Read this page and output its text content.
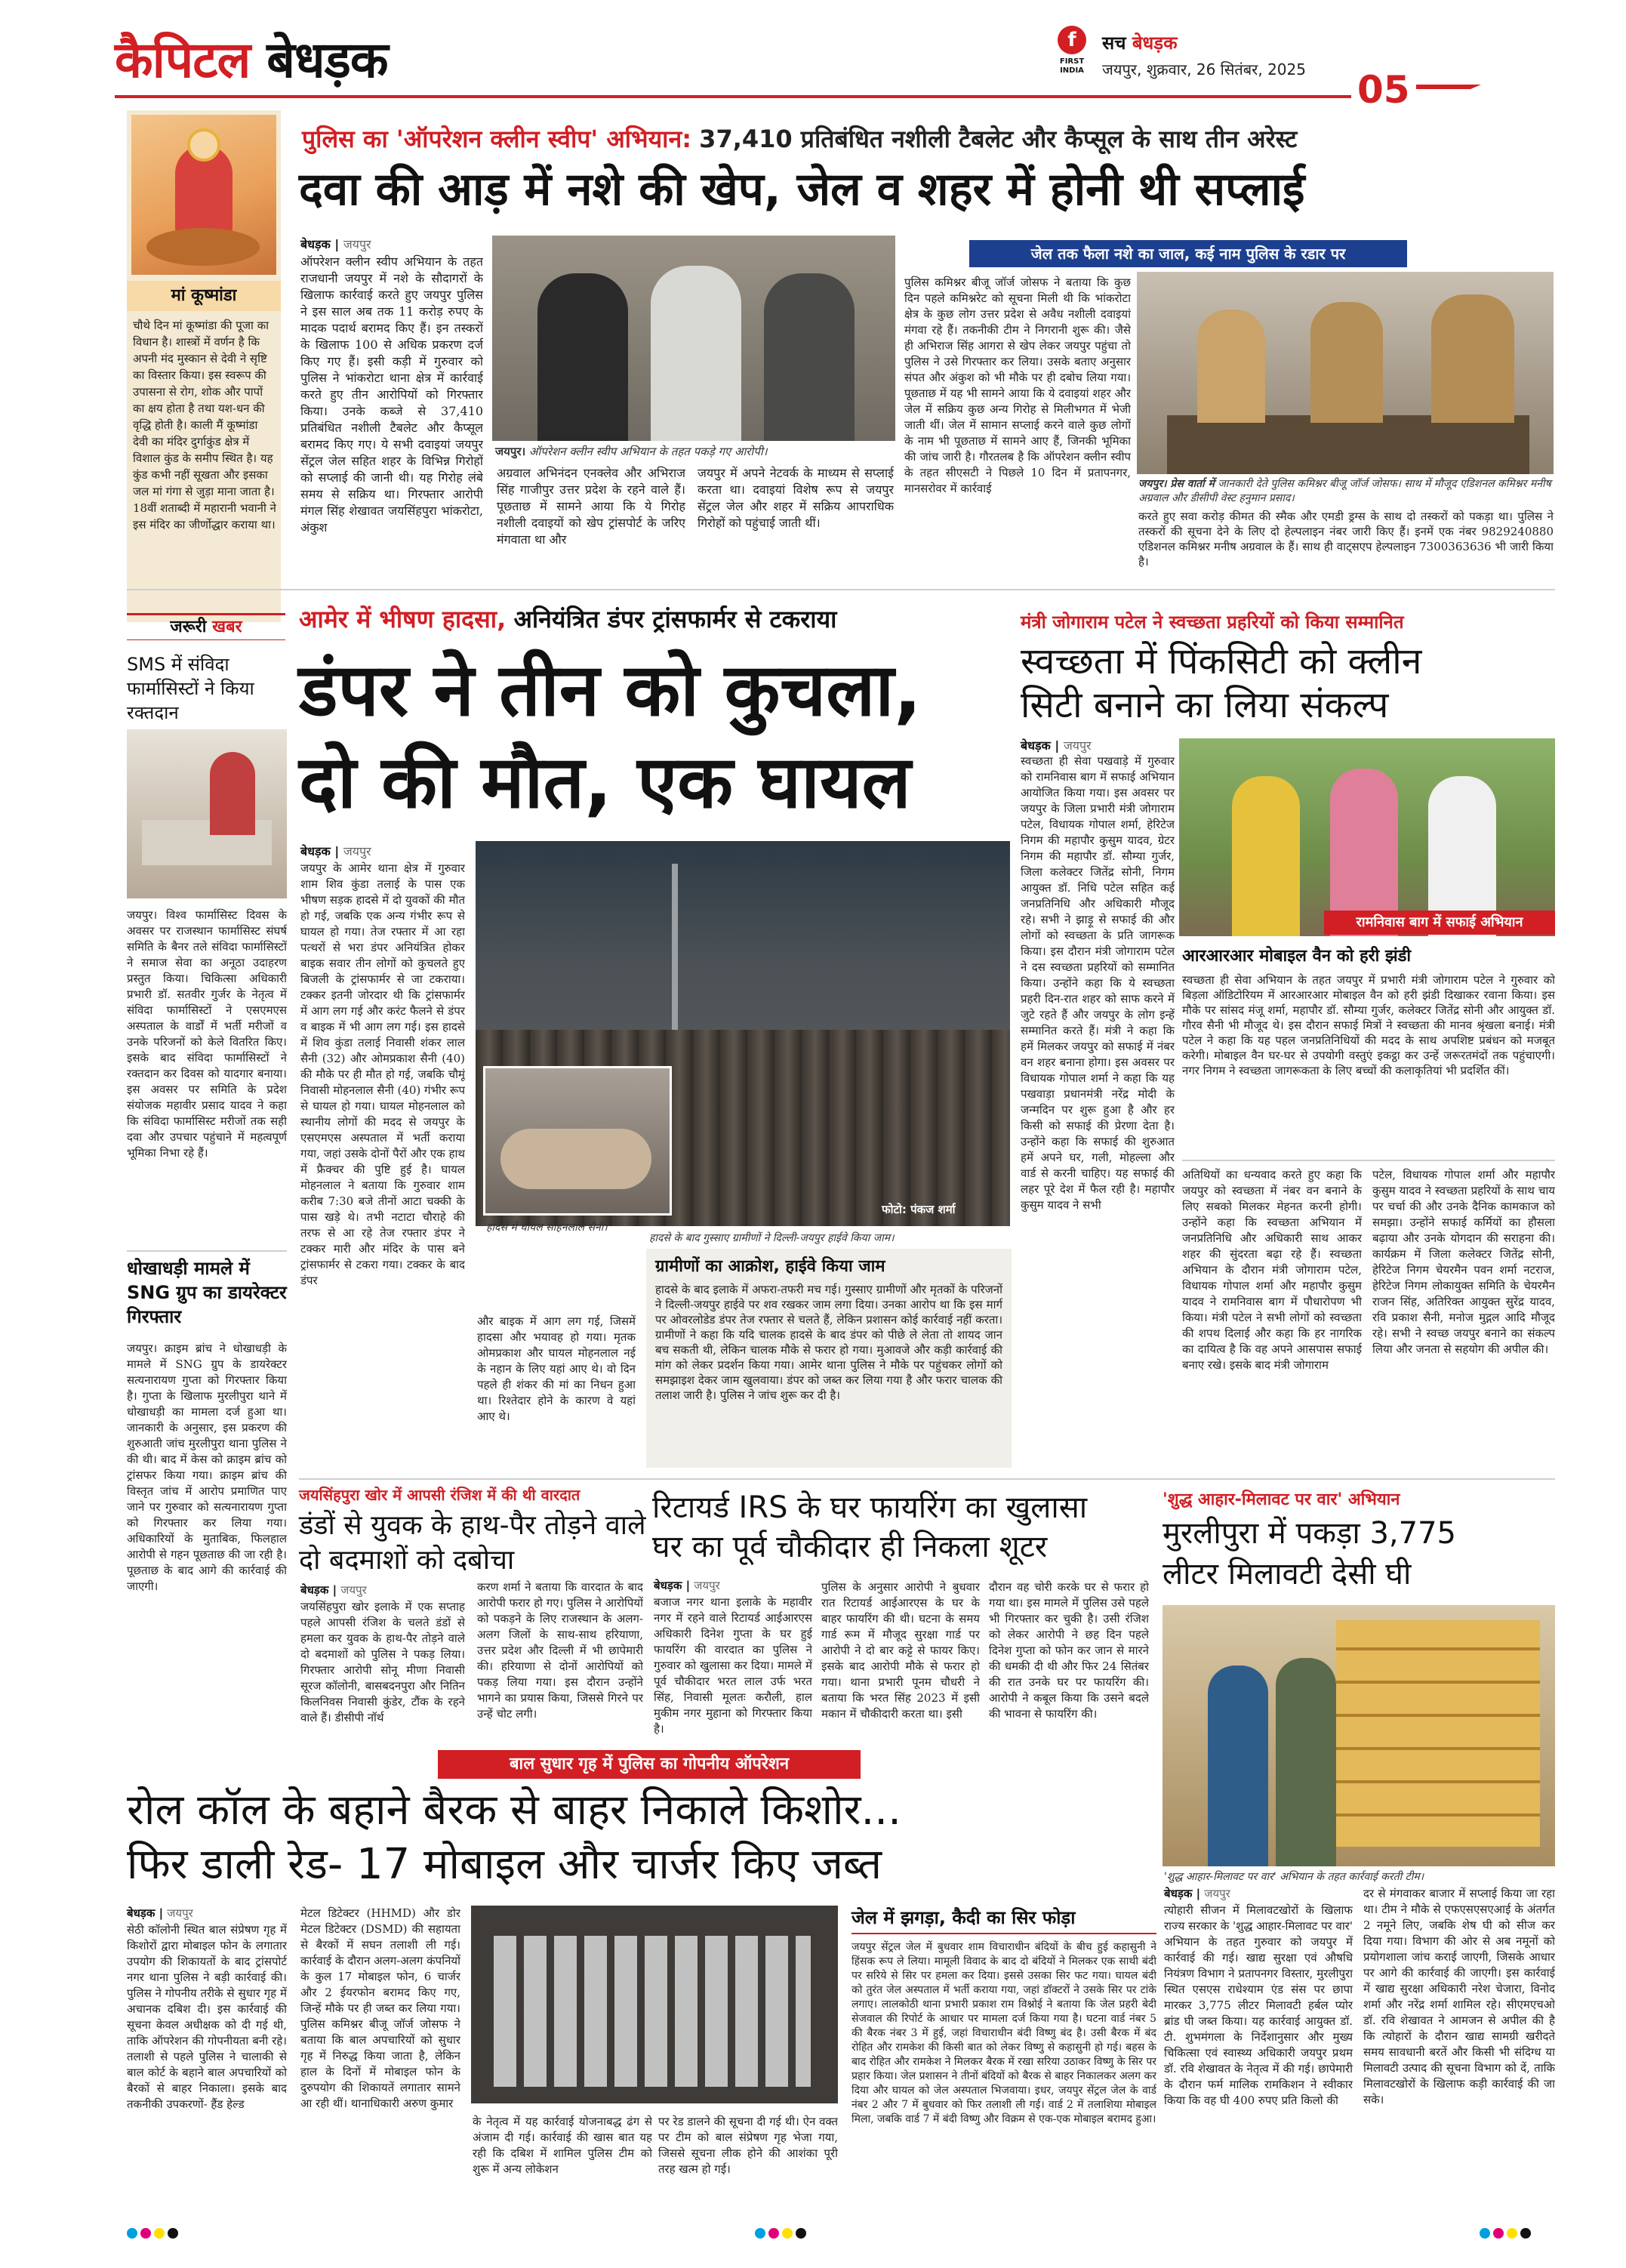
कैपिटल बेधड़क	f
FIRST INDIA
सच बेधड़क
जयपुर, शुक्रवार, 26 सितंबर, 2025 05
मां कूष्मांडा
चौथे दिन मां कूष्मांडा की पूजा का विधान है। शास्त्रों में वर्णन है कि अपनी मंद मुस्कान से देवी ने सृष्टि का विस्तार किया। इस स्वरूप की उपासना से रोग, शोक और पापों का क्षय होता है तथा यश-धन की वृद्धि होती है। काली मैं कूष्मांडा देवी का मंदिर दुर्गाकुंड क्षेत्र में विशाल कुंड के समीप स्थित है। यह कुंड कभी नहीं सूखता और इसका जल मां गंगा से जुड़ा माना जाता है। 18वीं शताब्दी में महारानी भवानी ने इस मंदिर का जीर्णोद्धार कराया था।
पुलिस का 'ऑपरेशन क्लीन स्वीप' अभियान: 37,410 प्रतिबंधित नशीली टैबलेट और कैप्सूल के साथ तीन अरेस्ट
दवा की आड़ में नशे की खेप, जेल व शहर में होनी थी सप्लाई
बेधड़क | जयपुर
ऑपरेशन क्लीन स्वीप अभियान के तहत राजधानी जयपुर में नशे के सौदागरों के खिलाफ कार्रवाई करते हुए जयपुर पुलिस ने इस साल अब तक 11 करोड़ रुपए के मादक पदार्थ बरामद किए हैं। इन तस्करों के खिलाफ 100 से अधिक प्रकरण दर्ज किए गए हैं। इसी कड़ी में गुरुवार को पुलिस ने भांकरोटा थाना क्षेत्र में कार्रवाई करते हुए तीन आरोपियों को गिरफ्तार किया। उनके कब्जे से 37,410 प्रतिबंधित नशीली टैबलेट और कैप्सूल बरामद किए गए। ये सभी दवाइयां जयपुर सेंट्रल जेल सहित शहर के विभिन्न गिरोहों को सप्लाई की जानी थी। यह गिरोह लंबे समय से सक्रिय था। गिरफ्तार आरोपी मंगल सिंह शेखावत जयसिंहपुरा भांकरोटा, अंकुश
जयपुर। ऑपरेशन क्लीन स्वीप अभियान के तहत पकड़े गए आरोपी।
अग्रवाल अभिनंदन एनक्लेव और अभिराज सिंह गाजीपुर उत्तर प्रदेश के रहने वाले हैं। पूछताछ में सामने आया कि ये गिरोह नशीली दवाइयों को खेप ट्रांसपोर्ट के जरिए मंगवाता था और
जयपुर में अपने नेटवर्क के माध्यम से सप्लाई करता था। दवाइयां विशेष रूप से जयपुर सेंट्रल जेल और शहर में सक्रिय आपराधिक गिरोहों को पहुंचाई जाती थीं।
जेल तक फैला नशे का जाल, कई नाम पुलिस के रडार पर
पुलिस कमिश्नर बीजू जॉर्ज जोसफ ने बताया कि कुछ दिन पहले कमिश्नरेट को सूचना मिली थी कि भांकरोटा क्षेत्र के कुछ लोग उत्तर प्रदेश से अवैध नशीली दवाइयां मंगवा रहे हैं। तकनीकी टीम ने निगरानी शुरू की। जैसे ही अभिराज सिंह आगरा से खेप लेकर जयपुर पहुंचा तो पुलिस ने उसे गिरफ्तार कर लिया। उसके बताए अनुसार संपत और अंकुश को भी मौके पर ही दबोच लिया गया। पूछताछ में यह भी सामने आया कि ये दवाइयां शहर और जेल में सक्रिय कुछ अन्य गिरोह से मिलीभगत में भेजी जाती थीं। जेल में सामान सप्लाई करने वाले कुछ लोगों के नाम भी पूछताछ में सामने आए हैं, जिनकी भूमिका की जांच जारी है। गौरतलब है कि ऑपरेशन क्लीन स्वीप के तहत सीएसटी ने पिछले 10 दिन में प्रतापनगर, मानसरोवर में कार्रवाई	जयपुर। प्रेस वार्ता में जानकारी देते पुलिस कमिश्नर बीजू जॉर्ज जोसफ। साथ में मौजूद एडिशनल कमिश्नर मनीष अग्रवाल और डीसीपी वेस्ट हनुमान प्रसाद।
करते हुए सवा करोड़ कीमत की स्मैक और एमडी ड्रग्स के साथ दो तस्करों को पकड़ा था। पुलिस ने तस्करों की सूचना देने के लिए दो हेल्पलाइन नंबर जारी किए हैं। इनमें एक नंबर 9829240880 एडिशनल कमिश्नर मनीष अग्रवाल के हैं। साथ ही वाट्सएप हेल्पलाइन 7300363636 भी जारी किया है।
जरूरी खबर
SMS में संविदा फार्मासिस्टों ने किया रक्तदान
जयपुर। विश्व फार्मासिस्ट दिवस के अवसर पर राजस्थान फार्मासिस्ट संघर्ष समिति के बैनर तले संविदा फार्मासिस्टों ने समाज सेवा का अनूठा उदाहरण प्रस्तुत किया। चिकित्सा अधिकारी प्रभारी डॉ. सतवीर गुर्जर के नेतृत्व में संविदा फार्मासिस्टों ने एसएमएस अस्पताल के वार्डों में भर्ती मरीजों व उनके परिजनों को केले वितरित किए। इसके बाद संविदा फार्मासिस्टों ने रक्तदान कर दिवस को यादगार बनाया। इस अवसर पर समिति के प्रदेश संयोजक महावीर प्रसाद यादव ने कहा कि संविदा फार्मासिस्ट मरीजों तक सही दवा और उपचार पहुंचाने में महत्वपूर्ण भूमिका निभा रहे हैं।
धोखाधड़ी मामले में SNG ग्रुप का डायरेक्टर गिरफ्तार
जयपुर। क्राइम ब्रांच ने धोखाधड़ी के मामले में SNG ग्रुप के डायरेक्टर सत्यनारायण गुप्ता को गिरफ्तार किया है। गुप्ता के खिलाफ मुरलीपुरा थाने में धोखाधड़ी का मामला दर्ज हुआ था। जानकारी के अनुसार, इस प्रकरण की शुरुआती जांच मुरलीपुरा थाना पुलिस ने की थी। बाद में केस को क्राइम ब्रांच को ट्रांसफर किया गया। क्राइम ब्रांच की विस्तृत जांच में आरोप प्रमाणित पाए जाने पर गुरुवार को सत्यनारायण गुप्ता को गिरफ्तार कर लिया गया। अधिकारियों के मुताबिक, फिलहाल आरोपी से गहन पूछताछ की जा रही है। पूछताछ के बाद आगे की कार्रवाई की जाएगी।
आमेर में भीषण हादसा, अनियंत्रित डंपर ट्रांसफार्मर से टकराया
डंपर ने तीन को कुचला,
दो की मौत, एक घायल
बेधड़क | जयपुर
जयपुर के आमेर थाना क्षेत्र में गुरुवार शाम शिव कुंडा तलाई के पास एक भीषण सड़क हादसे में दो युवकों की मौत हो गई, जबकि एक अन्य गंभीर रूप से घायल हो गया। तेज रफ्तार में आ रहा पत्थरों से भरा डंपर अनियंत्रित होकर बाइक सवार तीन लोगों को कुचलते हुए बिजली के ट्रांसफार्मर से जा टकराया। टक्कर इतनी जोरदार थी कि ट्रांसफार्मर में आग लग गई और करंट फैलने से डंपर व बाइक में भी आग लग गई। इस हादसे में शिव कुंडा तलाई निवासी शंकर लाल सैनी (32) और ओमप्रकाश सैनी (40) की मौके पर ही मौत हो गई, जबकि चौमूं निवासी मोहनलाल सैनी (40) गंभीर रूप से घायल हो गया। घायल मोहनलाल को स्थानीय लोगों की मदद से जयपुर के एसएमएस अस्पताल में भर्ती कराया गया, जहां उसके दोनों पैरों और एक हाथ में फ्रैक्चर की पुष्टि हुई है। घायल मोहनलाल ने बताया कि गुरुवार शाम करीब 7:30 बजे तीनों आटा चक्की के पास खड़े थे। तभी नटाटा चौराहे की तरफ से आ रहे तेज रफ्तार डंपर ने टक्कर मारी और मंदिर के पास बने ट्रांसफार्मर से टकरा गया। टक्कर के बाद डंपर
हादसे में घायल सोहनलाल सैनी।
फोटो: पंकज शर्मा
हादसे के बाद गुस्साए ग्रामीणों ने दिल्ली-जयपुर हाईवे किया जाम।
और बाइक में आग लग गई, जिसमें हादसा और भयावह हो गया। मृतक ओमप्रकाश और घायल मोहनलाल नई के नहान के लिए यहां आए थे। वो दिन पहले ही शंकर की मां का निधन हुआ था। रिश्तेदार होने के कारण वे यहां आए थे।
ग्रामीणों का आक्रोश, हाईवे किया जाम
हादसे के बाद इलाके में अफरा-तफरी मच गई। गुस्साए ग्रामीणों और मृतकों के परिजनों ने दिल्ली-जयपुर हाईवे पर शव रखकर जाम लगा दिया। उनका आरोप था कि इस मार्ग पर ओवरलोडेड डंपर तेज रफ्तार से चलते हैं, लेकिन प्रशासन कोई कार्रवाई नहीं करता। ग्रामीणों ने कहा कि यदि चालक हादसे के बाद डंपर को पीछे ले लेता तो शायद जान बच सकती थी, लेकिन चालक मौके से फरार हो गया। मुआवजे और कड़ी कार्रवाई की मांग को लेकर प्रदर्शन किया गया। आमेर थाना पुलिस ने मौके पर पहुंचकर लोगों को समझाइश देकर जाम खुलवाया। डंपर को जब्त कर लिया गया है और फरार चालक की तलाश जारी है। पुलिस ने जांच शुरू कर दी है।
मंत्री जोगाराम पटेल ने स्वच्छता प्रहरियों को किया सम्मानित
स्वच्छता में पिंकसिटी को क्लीन
सिटी बनाने का लिया संकल्प
बेधड़क | जयपुर
स्वच्छता ही सेवा पखवाड़े में गुरुवार को रामनिवास बाग में सफाई अभियान आयोजित किया गया। इस अवसर पर जयपुर के जिला प्रभारी मंत्री जोगाराम पटेल, विधायक गोपाल शर्मा, हेरिटेज निगम की महापौर कुसुम यादव, ग्रेटर निगम की महापौर डॉ. सौम्या गुर्जर, जिला कलेक्टर जितेंद्र सोनी, निगम आयुक्त डॉ. निधि पटेल सहित कई जनप्रतिनिधि और अधिकारी मौजूद रहे। सभी ने झाड़ू से सफाई की और लोगों को स्वच्छता के प्रति जागरूक किया। इस दौरान मंत्री जोगाराम पटेल ने दस स्वच्छता प्रहरियों को सम्मानित किया। उन्होंने कहा कि ये स्वच्छता प्रहरी दिन-रात शहर को साफ करने में जुटे रहते हैं और जयपुर के लोग इन्हें सम्मानित करते हैं। मंत्री ने कहा कि हमें मिलकर जयपुर को सफाई में नंबर वन शहर बनाना होगा। इस अवसर पर विधायक गोपाल शर्मा ने कहा कि यह पखवाड़ा प्रधानमंत्री नरेंद्र मोदी के जन्मदिन पर शुरू हुआ है और हर किसी को सफाई की प्रेरणा देता है। उन्होंने कहा कि सफाई की शुरुआत हमें अपने घर, गली, मोहल्ला और वार्ड से करनी चाहिए। यह सफाई की लहर पूरे देश में फैल रही है। महापौर कुसुम यादव ने सभी
रामनिवास बाग में सफाई अभियान
आरआरआर मोबाइल वैन को हरी झंडी
स्वच्छता ही सेवा अभियान के तहत जयपुर में प्रभारी मंत्री जोगाराम पटेल ने गुरुवार को बिड़ला ऑडिटोरियम में आरआरआर मोबाइल वैन को हरी झंडी दिखाकर रवाना किया। इस मौके पर सांसद मंजू शर्मा, महापौर डॉ. सौम्या गुर्जर, कलेक्टर जितेंद्र सोनी और आयुक्त डॉ. गौरव सैनी भी मौजूद थे। इस दौरान सफाई मित्रों ने स्वच्छता की मानव श्रृंखला बनाई। मंत्री पटेल ने कहा कि यह पहल जनप्रतिनिधियों की मदद के साथ अपशिष्ट प्रबंधन को मजबूत करेगी। मोबाइल वैन घर-घर से उपयोगी वस्तुएं इकट्ठा कर उन्हें जरूरतमंदों तक पहुंचाएगी। नगर निगम ने स्वच्छता जागरूकता के लिए बच्चों की कलाकृतियां भी प्रदर्शित कीं।
अतिथियों का धन्यवाद करते हुए कहा कि जयपुर को स्वच्छता में नंबर वन बनाने के लिए सबको मिलकर मेहनत करनी होगी। उन्होंने कहा कि स्वच्छता अभियान में जनप्रतिनिधि और अधिकारी साथ आकर शहर की सुंदरता बढ़ा रहे हैं। स्वच्छता अभियान के दौरान मंत्री जोगाराम पटेल, विधायक गोपाल शर्मा और महापौर कुसुम यादव ने रामनिवास बाग में पौधारोपण भी किया। मंत्री पटेल ने सभी लोगों को स्वच्छता की शपथ दिलाई और कहा कि हर नागरिक का दायित्व है कि वह अपने आसपास सफाई बनाए रखे। इसके बाद मंत्री जोगाराम
पटेल, विधायक गोपाल शर्मा और महापौर कुसुम यादव ने स्वच्छता प्रहरियों के साथ चाय पर चर्चा की और उनके दैनिक कामकाज को समझा। उन्होंने सफाई कर्मियों का हौसला बढ़ाया और उनके योगदान की सराहना की। कार्यक्रम में जिला कलेक्टर जितेंद्र सोनी, हेरिटेज निगम चेयरमैन पवन शर्मा नटराज, हेरिटेज निगम लोकायुक्त समिति के चेयरमैन राजन सिंह, अतिरिक्त आयुक्त सुरेंद्र यादव, रवि प्रकाश सैनी, मनोज मुद्गल आदि मौजूद रहे। सभी ने स्वच्छ जयपुर बनाने का संकल्प लिया और जनता से सहयोग की अपील की।
जयसिंहपुरा खोर में आपसी रंजिश में की थी वारदात
डंडों से युवक के हाथ-पैर तोड़ने वाले दो बदमाशों को दबोचा
बेधड़क | जयपुर
जयसिंहपुरा खोर इलाके में एक सप्ताह पहले आपसी रंजिश के चलते डंडों से हमला कर युवक के हाथ-पैर तोड़ने वाले दो बदमाशों को पुलिस ने पकड़ लिया। गिरफ्तार आरोपी सोनू मीणा निवासी सूरज कॉलोनी, बासबदनपुरा और नितिन किलनिवस निवासी कुंडेर, टौंक के रहने वाले हैं। डीसीपी नॉर्थ
करण शर्मा ने बताया कि वारदात के बाद आरोपी फरार हो गए। पुलिस ने आरोपियों को पकड़ने के लिए राजस्थान के अलग-अलग जिलों के साथ-साथ हरियाणा, उत्तर प्रदेश और दिल्ली में भी छापेमारी की। हरियाणा से दोनों आरोपियों को पकड़ लिया गया। इस दौरान उन्होंने भागने का प्रयास किया, जिससे गिरने पर उन्हें चोट लगी।
रिटायर्ड IRS के घर फायरिंग का खुलासा
घर का पूर्व चौकीदार ही निकला शूटर
बेधड़क | जयपुर
बजाज नगर थाना इलाके के महावीर नगर में रहने वाले रिटायर्ड आईआरएस अधिकारी दिनेश गुप्ता के घर हुई फायरिंग की वारदात का पुलिस ने गुरुवार को खुलासा कर दिया। मामले में पूर्व चौकीदार भरत लाल उर्फ भरत सिंह, निवासी मूलतः करौली, हाल मुकीम नगर मुहाना को गिरफ्तार किया है।
पुलिस के अनुसार आरोपी ने बुधवार रात रिटायर्ड आईआरएस के घर के बाहर फायरिंग की थी। घटना के समय गार्ड रूम में मौजूद सुरक्षा गार्ड पर आरोपी ने दो बार कट्टे से फायर किए। इसके बाद आरोपी मौके से फरार हो गया। थाना प्रभारी पूनम चौधरी ने बताया कि भरत सिंह 2023 में इसी मकान में चौकीदारी करता था। इसी
दौरान वह चोरी करके घर से फरार हो गया था। इस मामले में पुलिस उसे पहले भी गिरफ्तार कर चुकी है। उसी रंजिश को लेकर आरोपी ने छह दिन पहले दिनेश गुप्ता को फोन कर जान से मारने की धमकी दी थी और फिर 24 सितंबर की रात उनके घर पर फायरिंग की। आरोपी ने कबूल किया कि उसने बदले की भावना से फायरिंग की।
'शुद्ध आहार-मिलावट पर वार' अभियान
मुरलीपुरा में पकड़ा 3,775
लीटर मिलावटी देसी घी
'शुद्ध आहार-मिलावट पर वार' अभियान के तहत कार्रवाई करती टीम।
बेधड़क | जयपुर
त्योहारी सीजन में मिलावटखोरों के खिलाफ राज्य सरकार के 'शुद्ध आहार-मिलावट पर वार' अभियान के तहत गुरुवार को जयपुर में कार्रवाई की गई। खाद्य सुरक्षा एवं औषधि नियंत्रण विभाग ने प्रतापनगर विस्तार, मुरलीपुरा स्थित एसएस राधेश्याम एंड संस पर छापा मारकर 3,775 लीटर मिलावटी हर्बल प्योर ब्रांड घी जब्त किया। यह कार्रवाई आयुक्त डॉ. टी. शुभमंगला के निर्देशानुसार और मुख्य चिकित्सा एवं स्वास्थ्य अधिकारी जयपुर प्रथम डॉ. रवि शेखावत के नेतृत्व में की गई। छापेमारी के दौरान फर्म मालिक रामकिशन ने स्वीकार किया कि वह घी 400 रुपए प्रति किलो की
दर से मंगवाकर बाजार में सप्लाई किया जा रहा था। टीम ने मौके से एफएसएसएआई के अंतर्गत 2 नमूने लिए, जबकि शेष घी को सीज कर दिया गया। विभाग की ओर से अब नमूनों को प्रयोगशाला जांच कराई जाएगी, जिसके आधार पर आगे की कार्रवाई की जाएगी। इस कार्रवाई में खाद्य सुरक्षा अधिकारी नरेश चेजारा, विनोद शर्मा और नरेंद्र शर्मा शामिल रहे। सीएमएचओ डॉ. रवि शेखावत ने आमजन से अपील की है कि त्योहारों के दौरान खाद्य सामग्री खरीदते समय सावधानी बरतें और किसी भी संदिग्ध या मिलावटी उत्पाद की सूचना विभाग को दें, ताकि मिलावटखोरों के खिलाफ कड़ी कार्रवाई की जा सके।
बाल सुधार गृह में पुलिस का गोपनीय ऑपरेशन
रोल कॉल के बहाने बैरक से बाहर निकाले किशोर...
फिर डाली रेड- 17 मोबाइल और चार्जर किए जब्त
बेधड़क | जयपुर
सेठी कॉलोनी स्थित बाल संप्रेषण गृह में किशोरों द्वारा मोबाइल फोन के लगातार उपयोग की शिकायतों के बाद ट्रांसपोर्ट नगर थाना पुलिस ने बड़ी कार्रवाई की। पुलिस ने गोपनीय तरीके से सुधार गृह में अचानक दबिश दी। इस कार्रवाई की सूचना केवल अधीक्षक को दी गई थी, ताकि ऑपरेशन की गोपनीयता बनी रहे। तलाशी से पहले पुलिस ने चालाकी से बाल कोर्ट के बहाने बाल अपचारियों को बैरकों से बाहर निकाला। इसके बाद तकनीकी उपकरणों- हैंड हेल्ड
मेटल डिटेक्टर (HHMD) और डोर मेटल डिटेक्टर (DSMD) की सहायता से बैरकों में सघन तलाशी ली गई। कार्रवाई के दौरान अलग-अलग कंपनियों के कुल 17 मोबाइल फोन, 6 चार्जर और 2 ईयरफोन बरामद किए गए, जिन्हें मौके पर ही जब्त कर लिया गया। पुलिस कमिश्नर बीजू जॉर्ज जोसफ ने बताया कि बाल अपचारियों को सुधार गृह में निरुद्ध किया जाता है, लेकिन हाल के दिनों में मोबाइल फोन के दुरुपयोग की शिकायतें लगातार सामने आ रही थीं। थानाधिकारी अरुण कुमार
के नेतृत्व में यह कार्रवाई योजनाबद्ध ढंग से अंजाम दी गई। कार्रवाई की खास बात यह रही कि दबिश में शामिल पुलिस टीम को शुरू में अन्य लोकेशन
पर रेड डालने की सूचना दी गई थी। ऐन वक्त पर टीम को बाल संप्रेषण गृह भेजा गया, जिससे सूचना लीक होने की आशंका पूरी तरह खत्म हो गई।
जेल में झगड़ा, कैदी का सिर फोड़ा
जयपुर सेंट्रल जेल में बुधवार शाम विचाराधीन बंदियों के बीच हुई कहासुनी ने हिंसक रूप ले लिया। मामूली विवाद के बाद दो बंदियों ने मिलकर एक साथी बंदी पर सरिये से सिर पर हमला कर दिया। इससे उसका सिर फट गया। घायल बंदी को तुरंत जेल अस्पताल में भर्ती कराया गया, जहां डॉक्टरों ने उसके सिर पर टांके लगाए। लालकोठी थाना प्रभारी प्रकाश राम विश्नोई ने बताया कि जेल प्रहरी बेदी सेजवाल की रिपोर्ट के आधार पर मामला दर्ज किया गया है। घटना वार्ड नंबर 5 की बैरक नंबर 3 में हुई, जहां विचाराधीन बंदी विष्णु बंद है। उसी बैरक में बंद रोहित और रामकेश की किसी बात को लेकर विष्णु से कहासुनी हो गई। बहस के बाद रोहित और रामकेश ने मिलकर बैरक में रखा सरिया उठाकर विष्णु के सिर पर प्रहार किया। जेल प्रशासन ने तीनों बंदियों को बैरक से बाहर निकालकर अलग कर दिया और घायल को जेल अस्पताल भिजवाया। इधर, जयपुर सेंट्रल जेल के वार्ड नंबर 2 और 7 में बुधवार को फिर तलाशी ली गई। वार्ड 2 में तलाशिया मोबाइल मिला, जबकि वार्ड 7 में बंदी विष्णु और विक्रम से एक-एक मोबाइल बरामद हुआ।
